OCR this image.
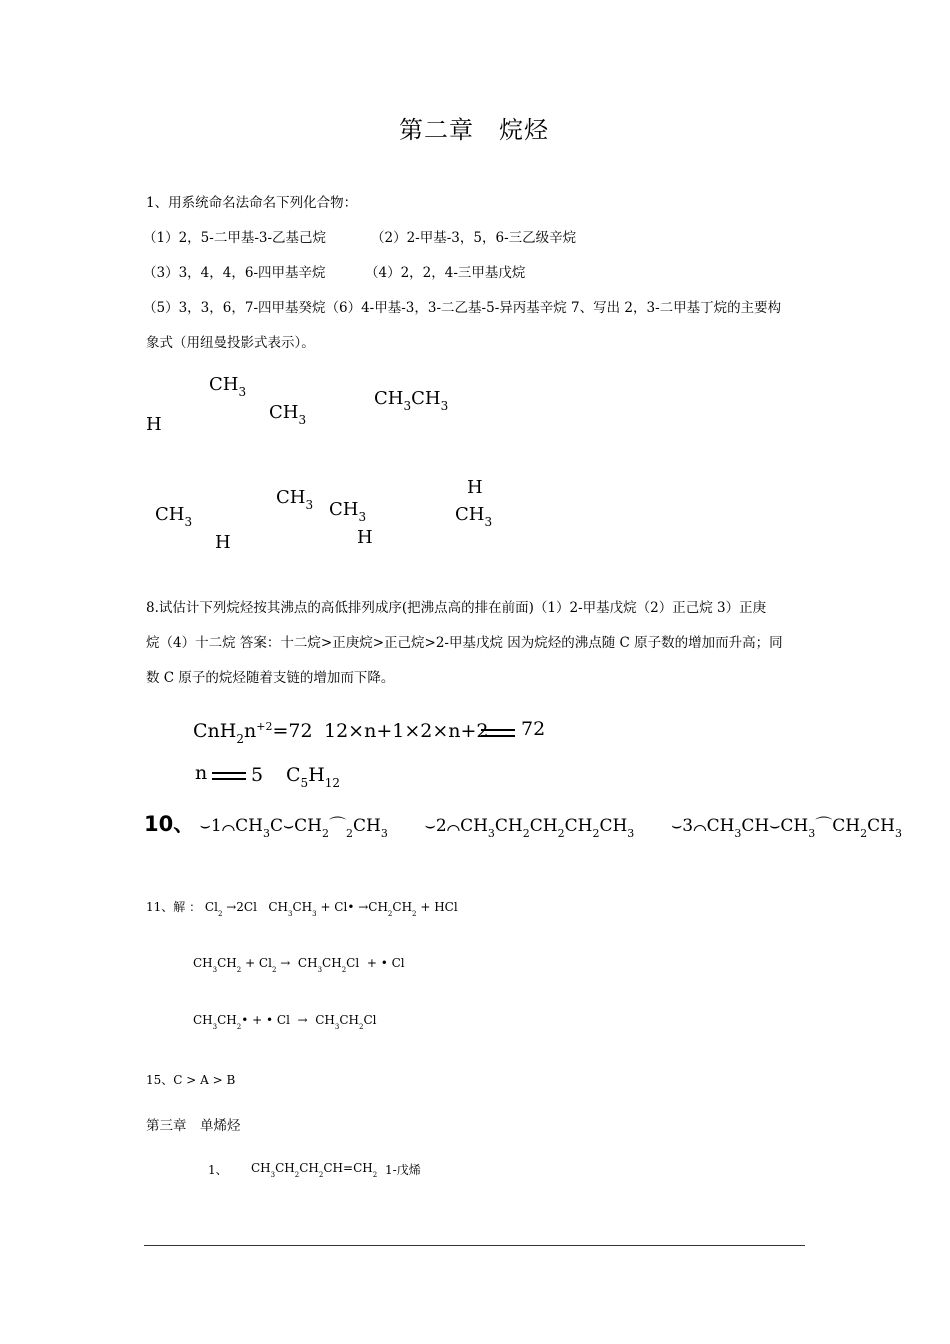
第二章　烷烃
1、用系统命名法命名下列化合物：
（1）2，5-二甲基-3-乙基己烷	（2）2-甲基-3，5，6-三乙级辛烷
（3）3，4，4，6-四甲基辛烷	（4）2，2，4-三甲基戊烷
（5）3，3，6，7-四甲基癸烷（6）4-甲基-3，3-二乙基-5-异丙基辛烷 7、写出 2，3-二甲基丁烷的主要构
象式（用纽曼投影式表示）。
$CH_3$
$CH_3$
H
$CH_3CH_3$
$CH_3$
H
$CH_3$ $CH_3$
H
H
$CH_3$
8.试估计下列烷烃按其沸点的高低排列成序(把沸点高的排在前面)（1）2-甲基戊烷（2）正己烷 3）正庚
烷（4）十二烷 答案：十二烷>正庚烷>正己烷>2-甲基戊烷 因为烷烃的沸点随 C 原子数的增加而升高；同
数 C 原子的烷烃随着支链的增加而下降。
$CnH_2n^{+2}=72$ 12×n+1×2×n+2 72
n 5 $C_5H_{12}$
10、 $⌣1⌒CH_3C⌣CH_2⌒_2CH_3$ $⌣2⌒CH_3CH_2CH_2CH_2CH_3$ $⌣3⌒CH_3CH⌣CH_3⌒CH_2CH_3$
11、解 ： $Cl_2 \to 2Cl$   $CH_3CH_3$ + Cl• $\to CH_2CH_2$ + HCl
$CH_3CH_2 + Cl_2 \to CH_3CH_2Cl$  + • Cl
$CH_3CH_2•$ + • $Cl \to CH_3CH_2Cl$
15、C > A > B
第三章　单烯烃
1、 $CH_3CH_2CH_2CH=CH_2$ 1-戊烯
